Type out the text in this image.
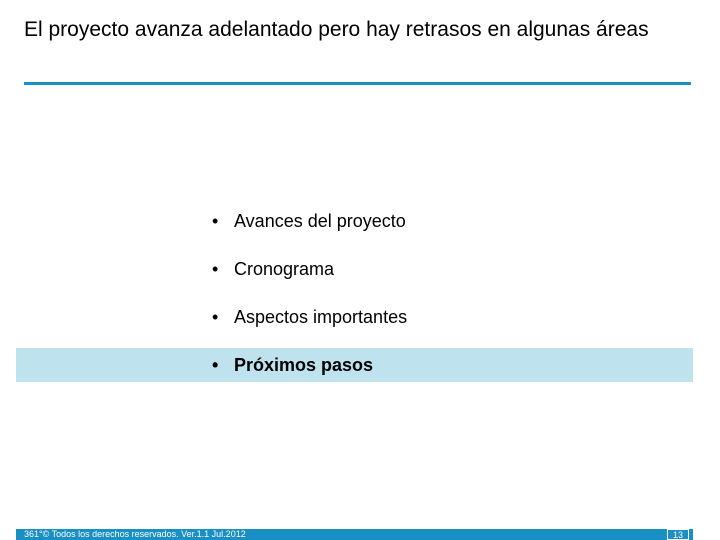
El proyecto avanza adelantado pero hay retrasos en algunas áreas
• Avances del proyecto
• Cronograma
• Aspectos importantes
• Próximos pasos
361°© Todos los derechos reservados. Ver.1.1 Jul.2012	13
